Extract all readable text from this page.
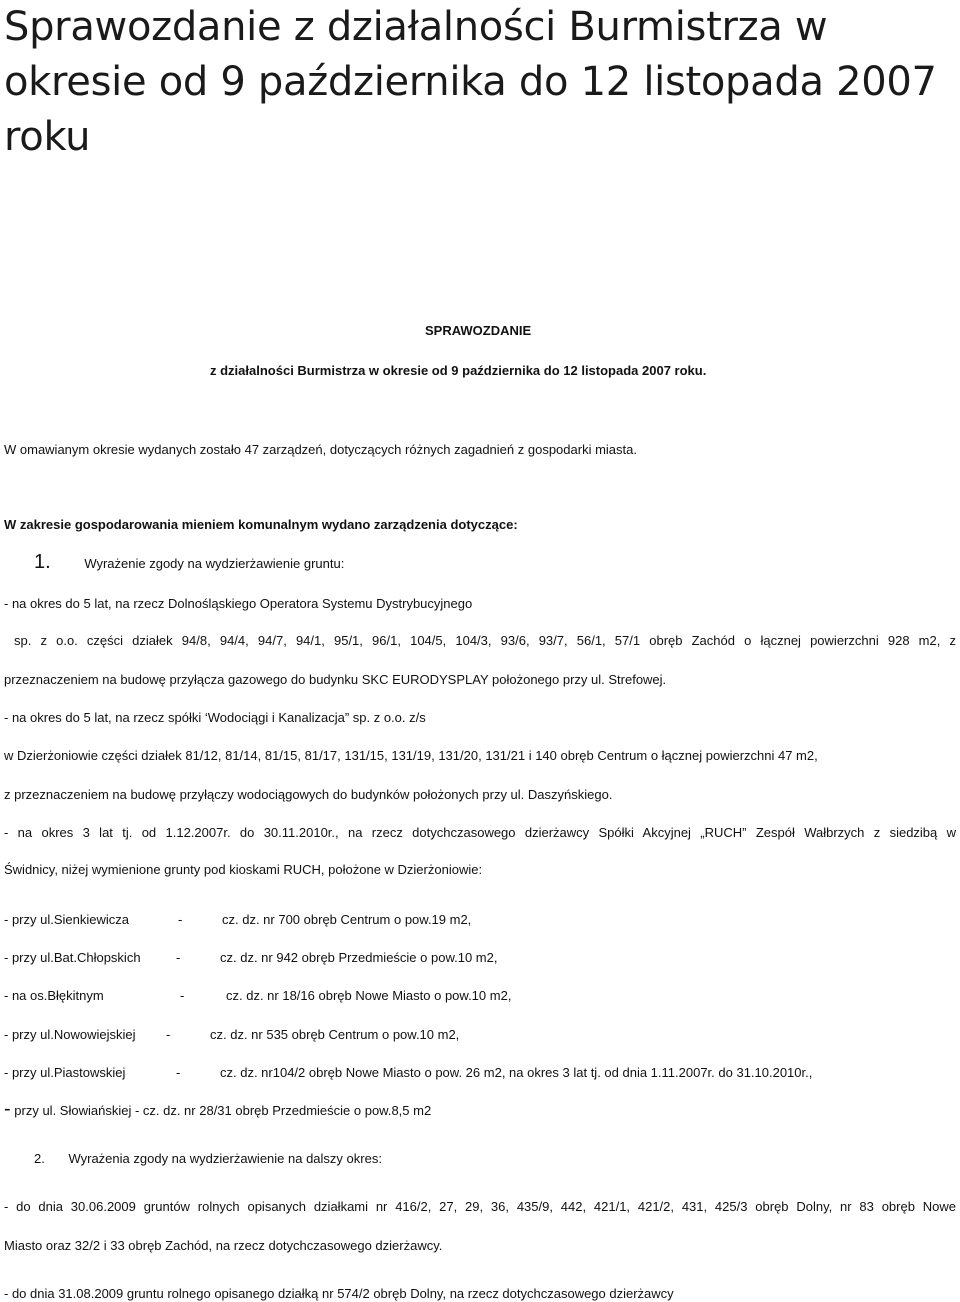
Sprawozdanie z działalności Burmistrza w okresie od 9 października do 12 listopada 2007 roku
SPRAWOZDANIE
z działalności Burmistrza w okresie od 9 października do 12 listopada 2007 roku.
W omawianym okresie wydanych zostało 47 zarządzeń, dotyczących różnych zagadnień z gospodarki miasta.
W zakresie gospodarowania mieniem komunalnym wydano zarządzenia dotyczące:
1.	Wyrażenie zgody na wydzierżawienie gruntu:
- na okres do 5 lat, na rzecz Dolnośląskiego Operatora Systemu Dystrybucyjnego
sp. z o.o. części działek 94/8, 94/4, 94/7, 94/1, 95/1, 96/1, 104/5, 104/3, 93/6, 93/7, 56/1, 57/1 obręb Zachód o łącznej powierzchni 928 m2, z
przeznaczeniem na budowę przyłącza gazowego do budynku SKC EURODYSPLAY położonego przy ul. Strefowej.
- na okres do 5 lat, na rzecz spółki ‘Wodociągi i Kanalizacja” sp. z o.o. z/s
w Dzierżoniowie części działek 81/12, 81/14, 81/15, 81/17, 131/15, 131/19, 131/20, 131/21 i 140 obręb Centrum o łącznej powierzchni 47 m2,
z przeznaczeniem na budowę przyłączy wodociągowych do budynków położonych przy ul. Daszyńskiego.
- na okres 3 lat tj. od 1.12.2007r. do 30.11.2010r., na rzecz dotychczasowego dzierżawcy Spółki Akcyjnej „RUCH” Zespół Wałbrzych z siedzibą w
Świdnicy, niżej wymienione grunty pod kioskami RUCH, położone w Dzierżoniowie:
- przy ul.Sienkiewicza	-	cz. dz. nr 700 obręb Centrum o pow.19 m2,
- przy ul.Bat.Chłopskich	-	cz. dz. nr 942 obręb Przedmieście o pow.10 m2,
- na os.Błękitnym	-	cz. dz. nr 18/16 obręb Nowe Miasto o pow.10 m2,
- przy ul.Nowowiejskiej -	cz. dz. nr 535 obręb Centrum o pow.10 m2,
- przy ul.Piastowskiej	-	cz. dz. nr104/2 obręb Nowe Miasto o pow. 26 m2, na okres 3 lat tj. od dnia 1.11.2007r. do 31.10.2010r.,
- przy ul. Słowiańskiej - cz. dz. nr 28/31 obręb Przedmieście o pow.8,5 m2
2. Wyrażenia zgody na wydzierżawienie na dalszy okres:
- do dnia 30.06.2009 gruntów rolnych opisanych działkami nr 416/2, 27, 29, 36, 435/9, 442, 421/1, 421/2, 431, 425/3 obręb Dolny, nr 83 obręb Nowe
Miasto oraz 32/2 i 33 obręb Zachód, na rzecz dotychczasowego dzierżawcy.
- do dnia 31.08.2009 gruntu rolnego opisanego działką nr 574/2 obręb Dolny, na rzecz dotychczasowego dzierżawcy
